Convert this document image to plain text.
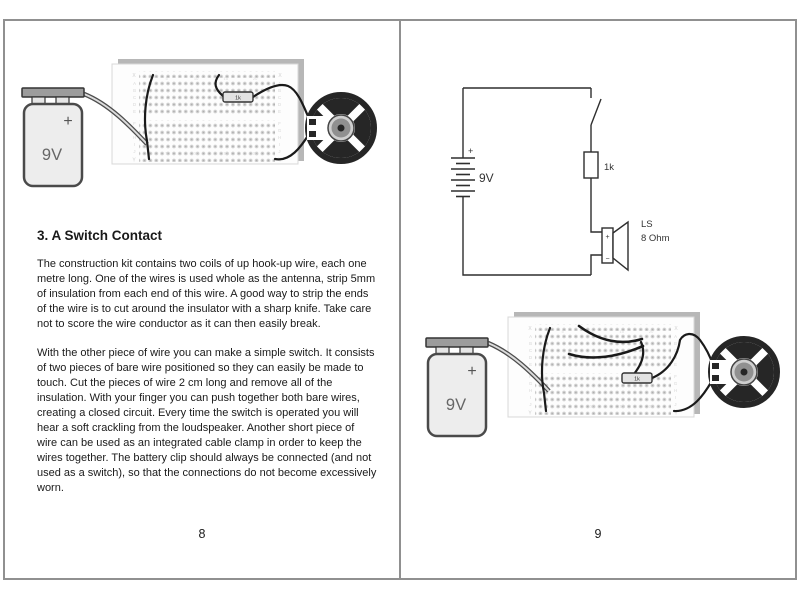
1k
3. A Switch Contact

The construction kit contains two coils of up hook-up wire, each one metre long. One of the wires is used whole as the antenna, strip 5mm of insulation from each end of this wire. A good way to strip the ends of the wire is to cut around the insulator with a sharp knife. Take care not to score the wire conductor as it can then easily break.

With the other piece of wire you can make a simple switch. It consists of two pieces of bare wire positioned so they can easily be made to touch. Cut the pieces of wire 2 cm long and remove all of the insulation. With your finger you can push together both bare wires, creating a closed circuit. Every time the switch is operated you will hear a soft crackling from the loudspeaker. Another short piece of wire can be used as an integrated cable clamp in order to keep the wires together. The battery clip should always be connected (and not used as a switch), so that the connections do not become excessively worn.

8
+
−
+
9V
1k
LS
8 Ohm
1k
9
